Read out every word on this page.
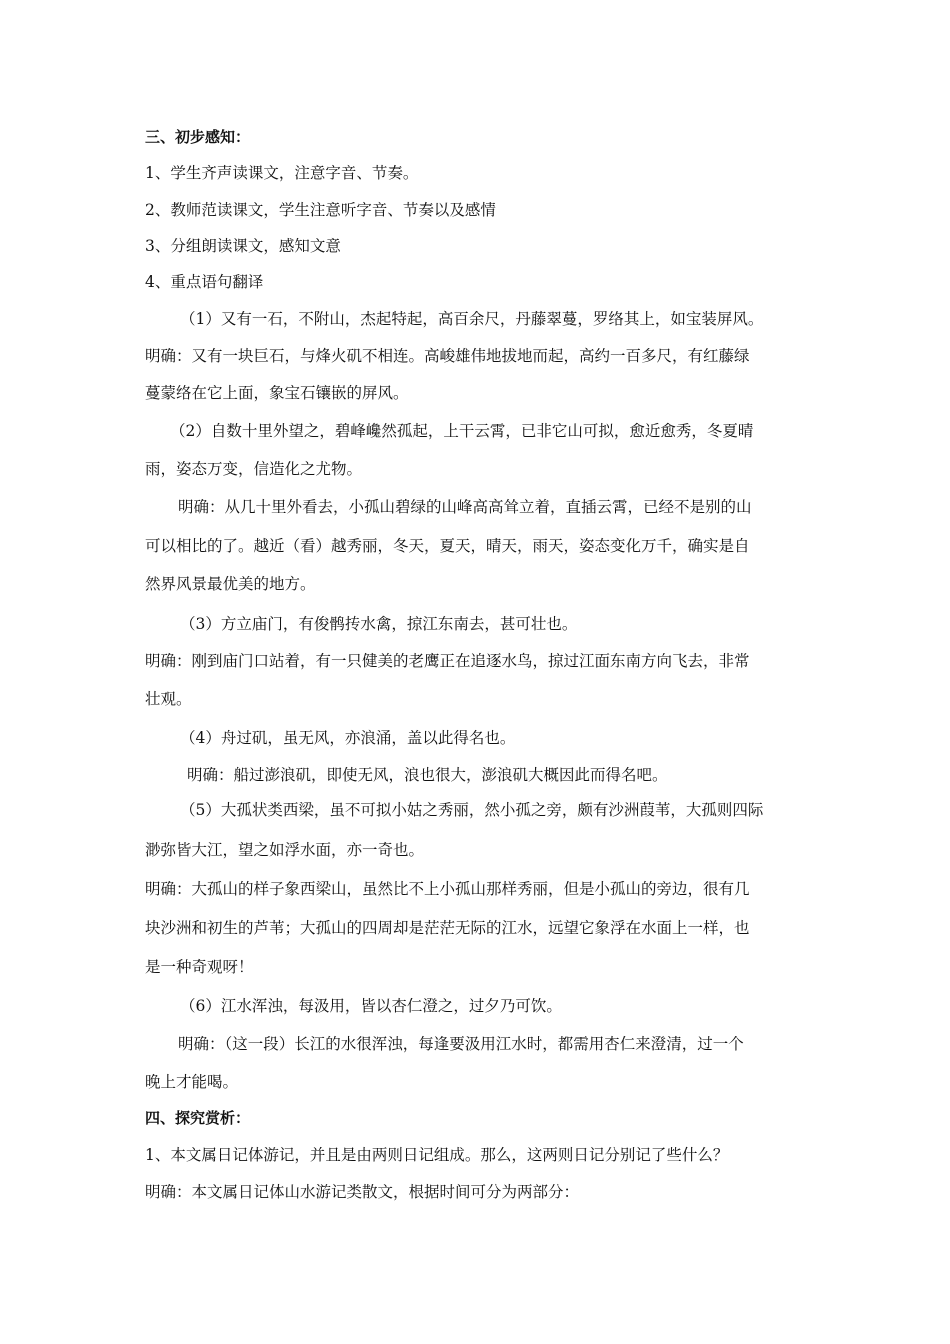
三、初步感知：
1、学生齐声读课文，注意字音、节奏。
2、教师范读课文，学生注意听字音、节奏以及感情
3、分组朗读课文，感知文意
4、重点语句翻译
（1）又有一石，不附山，杰起特起，高百余尺，丹藤翠蔓，罗络其上，如宝装屏风。
明确：又有一块巨石，与烽火矶不相连。高峻雄伟地拔地而起，高约一百多尺，有红藤绿
蔓蒙络在它上面，象宝石镶嵌的屏风。
（2）自数十里外望之，碧峰巉然孤起，上干云霄，已非它山可拟，愈近愈秀，冬夏晴
雨，姿态万变，信造化之尤物。
明确：从几十里外看去，小孤山碧绿的山峰高高耸立着，直插云霄，已经不是别的山
可以相比的了。越近（看）越秀丽，冬天，夏天，晴天，雨天，姿态变化万千，确实是自
然界风景最优美的地方。
（3）方立庙门，有俊鹘抟水禽，掠江东南去，甚可壮也。
明确：刚到庙门口站着，有一只健美的老鹰正在追逐水鸟，掠过江面东南方向飞去，非常
壮观。
（4）舟过矶，虽无风，亦浪涌，盖以此得名也。
明确：船过澎浪矶，即使无风，浪也很大，澎浪矶大概因此而得名吧。
（5）大孤状类西梁，虽不可拟小姑之秀丽，然小孤之旁，颇有沙洲葭苇，大孤则四际
渺弥皆大江，望之如浮水面，亦一奇也。
明确：大孤山的样子象西梁山，虽然比不上小孤山那样秀丽，但是小孤山的旁边，很有几
块沙洲和初生的芦苇；大孤山的四周却是茫茫无际的江水，远望它象浮在水面上一样，也
是一种奇观呀！
（6）江水浑浊，每汲用，皆以杏仁澄之，过夕乃可饮。
明确：（这一段）长江的水很浑浊，每逢要汲用江水时，都需用杏仁来澄清，过一个
晚上才能喝。
四、探究赏析：
1、本文属日记体游记，并且是由两则日记组成。那么，这两则日记分别记了些什么？
明确：本文属日记体山水游记类散文，根据时间可分为两部分：
